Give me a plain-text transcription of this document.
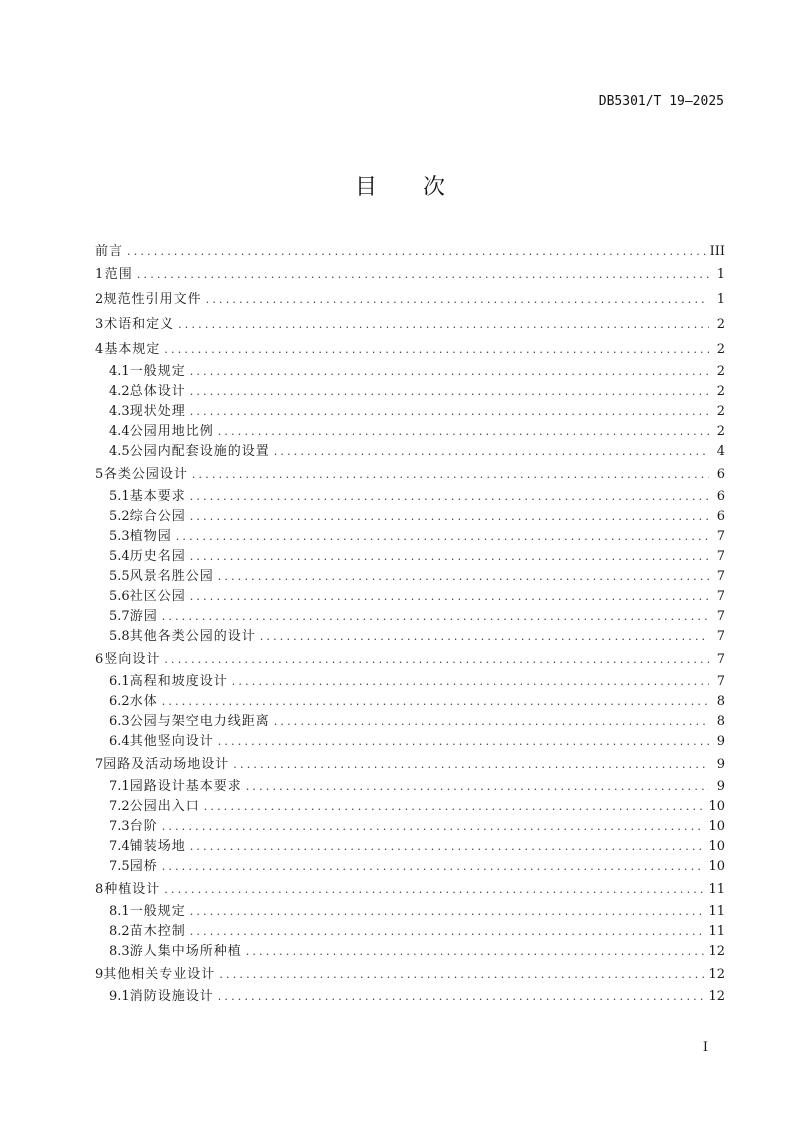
DB5301/T 19—2025
目 次
前言 .....	III
1 范围 .....	1
2 规范性引用文件 .....	1
3 术语和定义 .....	2
4 基本规定 .....	2
4.1 一般规定 .....	2
4.2 总体设计 .....	2
4.3 现状处理 .....	2
4.4 公园用地比例 .....	2
4.5 公园内配套设施的设置 .....	4
5 各类公园设计 .....	6
5.1 基本要求 .....	6
5.2 综合公园 .....	6
5.3 植物园 .....	7
5.4 历史名园 .....	7
5.5 风景名胜公园 .....	7
5.6 社区公园 .....	7
5.7 游园 .....	7
5.8 其他各类公园的设计 .....	7
6 竖向设计 .....	7
6.1 高程和坡度设计 .....	7
6.2 水体 .....	8
6.3 公园与架空电力线距离 .....	8
6.4 其他竖向设计 .....	9
7 园路及活动场地设计 .....	9
7.1 园路设计基本要求 .....	9
7.2 公园出入口 .....	10
7.3 台阶 .....	10
7.4 铺装场地 .....	10
7.5 园桥 .....	10
8 种植设计 .....	11
8.1 一般规定 .....	11
8.2 苗木控制 .....	11
8.3 游人集中场所种植 .....	12
9 其他相关专业设计 .....	12
9.1 消防设施设计 .....	12
I
